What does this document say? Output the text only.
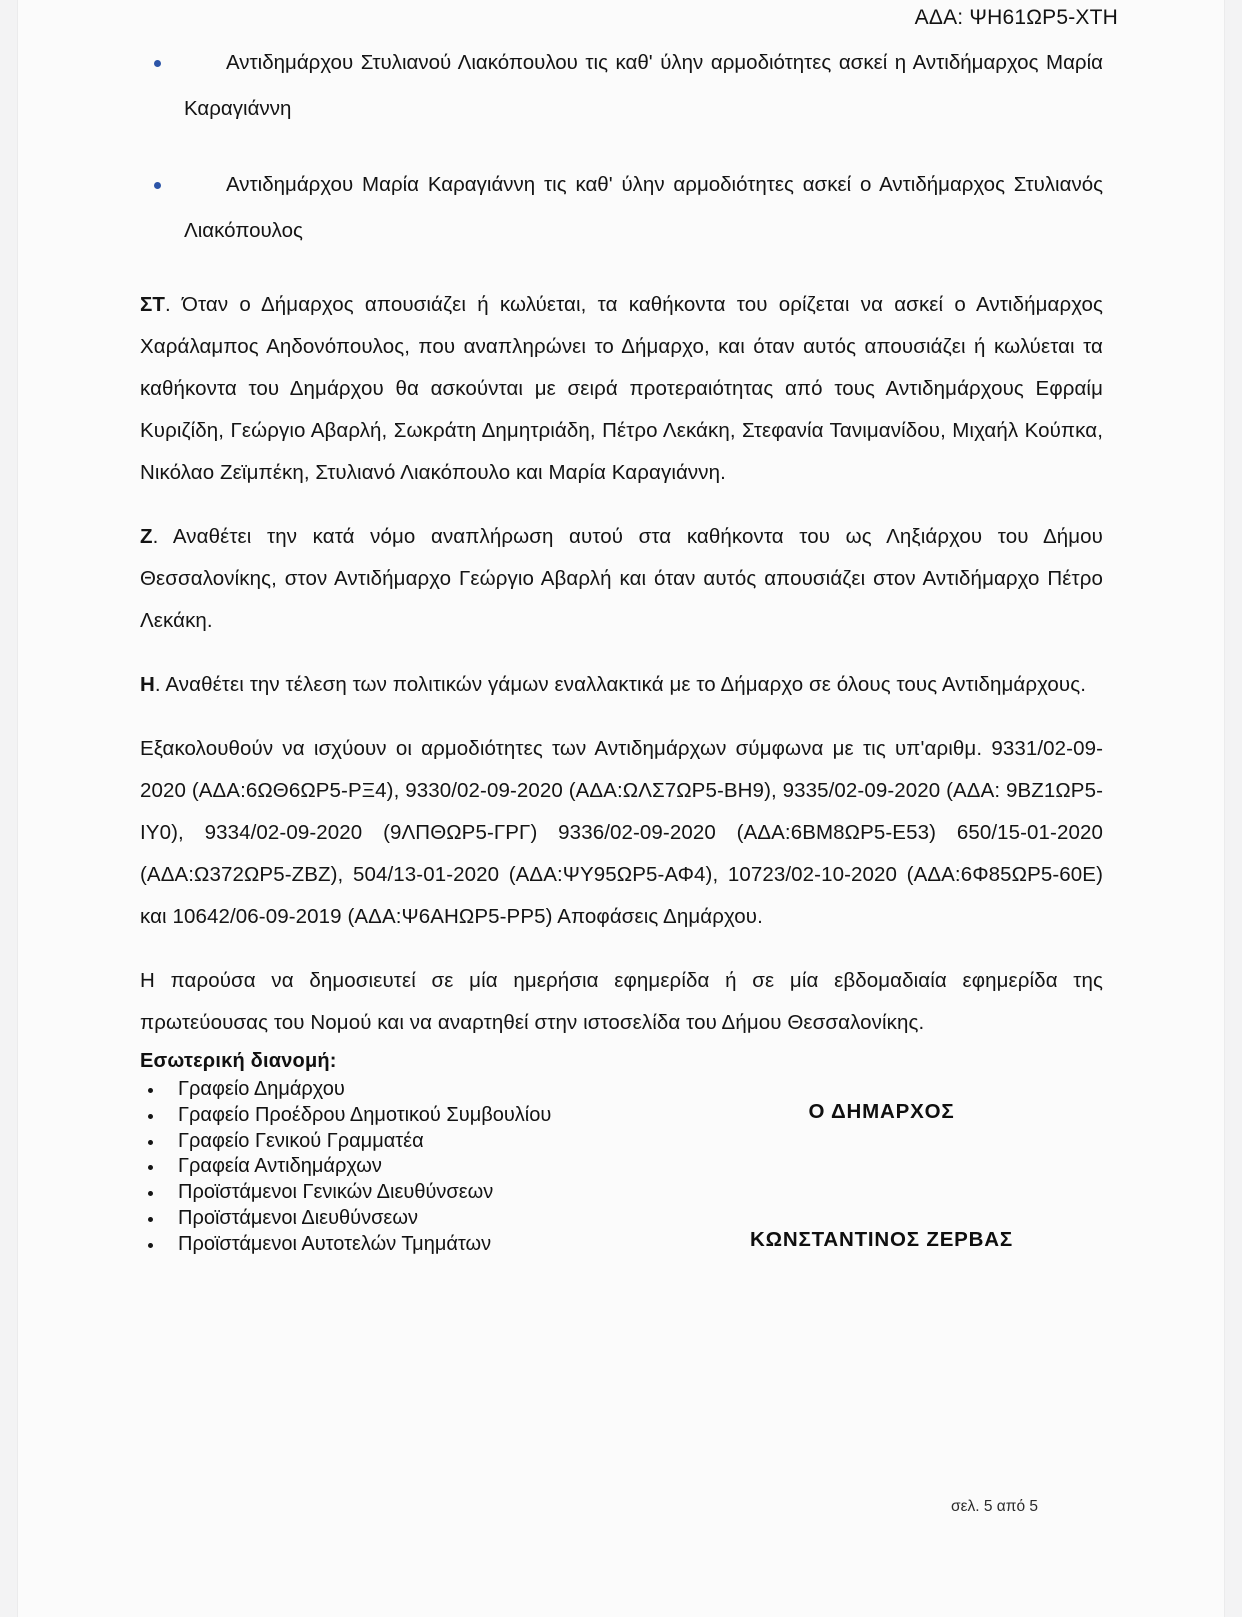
ΑΔΑ: ΨΗ61ΩΡ5-ΧΤΗ
Αντιδημάρχου Στυλιανού Λιακόπουλου τις καθ' ύλην αρμοδιότητες ασκεί η Αντιδήμαρχος Μαρία Καραγιάννη
Αντιδημάρχου Μαρία Καραγιάννη τις καθ' ύλην αρμοδιότητες ασκεί ο Αντιδήμαρχος Στυλιανός Λιακόπουλος

ΣΤ. Όταν ο Δήμαρχος απουσιάζει ή κωλύεται, τα καθήκοντα του ορίζεται να ασκεί ο Αντιδήμαρχος Χαράλαμπος Αηδονόπουλος, που αναπληρώνει το Δήμαρχο, και όταν αυτός απουσιάζει ή κωλύεται τα καθήκοντα του Δημάρχου θα ασκούνται με σειρά προτεραιότητας από τους Αντιδημάρχους Εφραίμ Κυριζίδη, Γεώργιο Αβαρλή, Σωκράτη Δημητριάδη, Πέτρο Λεκάκη, Στεφανία Τανιμανίδου, Μιχαήλ Κούπκα, Νικόλαο Ζεϊμπέκη, Στυλιανό Λιακόπουλο και Μαρία Καραγιάννη.

Ζ. Αναθέτει την κατά νόμο αναπλήρωση αυτού στα καθήκοντα του ως Ληξιάρχου του Δήμου Θεσσαλονίκης, στον Αντιδήμαρχο Γεώργιο Αβαρλή και όταν αυτός απουσιάζει στον Αντιδήμαρχο Πέτρο Λεκάκη.

Η. Αναθέτει την τέλεση των πολιτικών γάμων εναλλακτικά με το Δήμαρχο σε όλους τους Αντιδημάρχους.

Εξακολουθούν να ισχύουν οι αρμοδιότητες των Αντιδημάρχων σύμφωνα με τις υπ'αριθμ. 9331/02-09-2020 (ΑΔΑ:6ΩΘ6ΩΡ5-ΡΞ4), 9330/02-09-2020 (ΑΔΑ:ΩΛΣ7ΩΡ5-ΒΗ9), 9335/02-09-2020 (ΑΔΑ: 9ΒΖ1ΩΡ5-ΙΥ0), 9334/02-09-2020 (9ΛΠΘΩΡ5-ΓΡΓ) 9336/02-09-2020 (ΑΔΑ:6ΒΜ8ΩΡ5-Ε53) 650/15-01-2020 (ΑΔΑ:Ω372ΩΡ5-ΖΒΖ), 504/13-01-2020 (ΑΔΑ:ΨΥ95ΩΡ5-ΑΦ4), 10723/02-10-2020 (ΑΔΑ:6Φ85ΩΡ5-60Ε) και 10642/06-09-2019 (ΑΔΑ:Ψ6ΑΗΩΡ5-ΡΡ5) Αποφάσεις Δημάρχου.

Η παρούσα να δημοσιευτεί σε μία ημερήσια εφημερίδα ή σε μία εβδομαδιαία εφημερίδα της πρωτεύουσας του Νομού και να αναρτηθεί στην ιστοσελίδα του Δήμου Θεσσαλονίκης.

Εσωτερική διανομή:
Γραφείο Δημάρχου
Γραφείο Προέδρου Δημοτικού Συμβουλίου
Γραφείο Γενικού Γραμματέα
Γραφεία Αντιδημάρχων
Προϊστάμενοι Γενικών Διευθύνσεων
Προϊστάμενοι Διευθύνσεων
Προϊστάμενοι Αυτοτελών Τμημάτων

Ο ΔΗΜΑΡΧΟΣ

ΚΩΝΣΤΑΝΤΙΝΟΣ ΖΕΡΒΑΣ

σελ. 5 από 5
